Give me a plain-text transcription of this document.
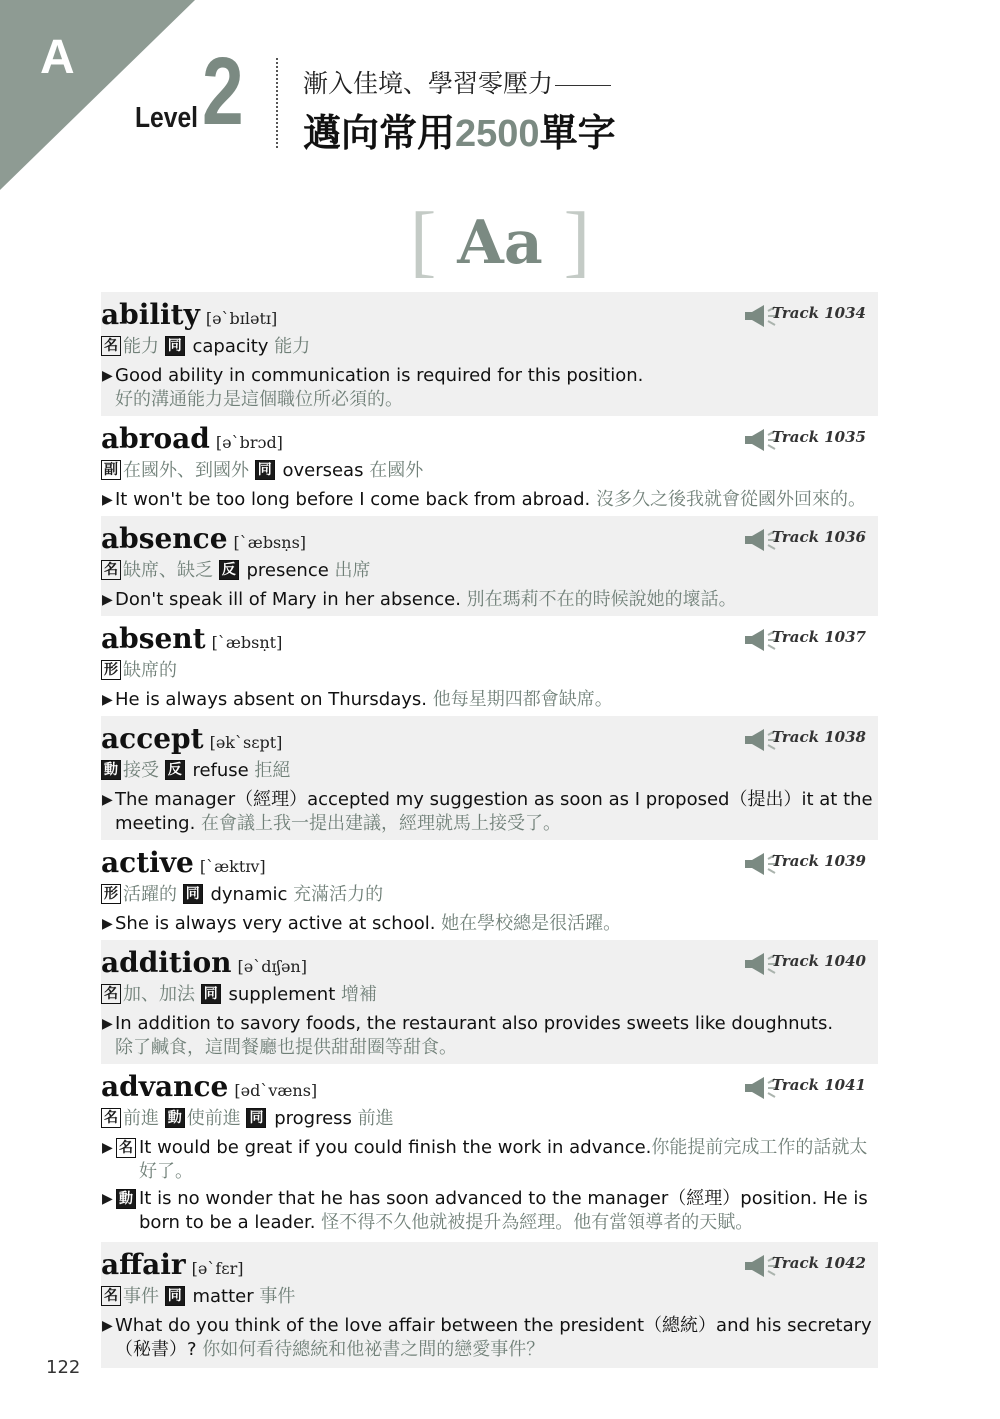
A
Level 2 漸入佳境、學習零壓力
邁向常用2500單字
[ Aa ]
ability [ə`bɪlətɪ]	Track 1034
名 能力 同 capacity 能力
▶ Good ability in communication is required for this position.
好的溝通能力是這個職位所必須的。
abroad [ə`brɔd]	Track 1035
副 在國外、到國外 同 overseas 在國外
▶ It won't be too long before I come back from abroad. 沒多久之後我就會從國外回來的。
absence [`æbsṇs]	Track 1036
名 缺席、缺乏 反 presence 出席
▶ Don't speak ill of Mary in her absence. 別在瑪莉不在的時候說她的壞話。
absent [`æbsṇt]	Track 1037
形 缺席的
▶ He is always absent on Thursdays. 他每星期四都會缺席。
accept [ək`sɛpt]	Track 1038
動 接受 反 refuse 拒絕
▶ The manager（經理）accepted my suggestion as soon as I proposed（提出）it at the meeting. 在會議上我一提出建議，經理就馬上接受了。
active [`æktɪv]	Track 1039
形 活躍的 同 dynamic 充滿活力的
▶ She is always very active at school. 她在學校總是很活躍。
addition [ə`dɪʃən]	Track 1040
名 加、加法 同 supplement 增補
▶ In addition to savory foods, the restaurant also provides sweets like doughnuts.
除了鹹食，這間餐廳也提供甜甜圈等甜食。
advance [əd`væns]	Track 1041
名 前進 動 使前進 同 progress 前進
▶ 名 It would be great if you could finish the work in advance.你能提前完成工作的話就太好了。
▶ 動 It is no wonder that he has soon advanced to the manager（經理）position. He is born to be a leader. 怪不得不久他就被提升為經理。他有當領導者的天賦。
affair [ə`fɛr]	Track 1042
名 事件 同 matter 事件
▶ What do you think of the love affair between the president（總統）and his secretary（秘書）? 你如何看待總統和他祕書之間的戀愛事件？
122
